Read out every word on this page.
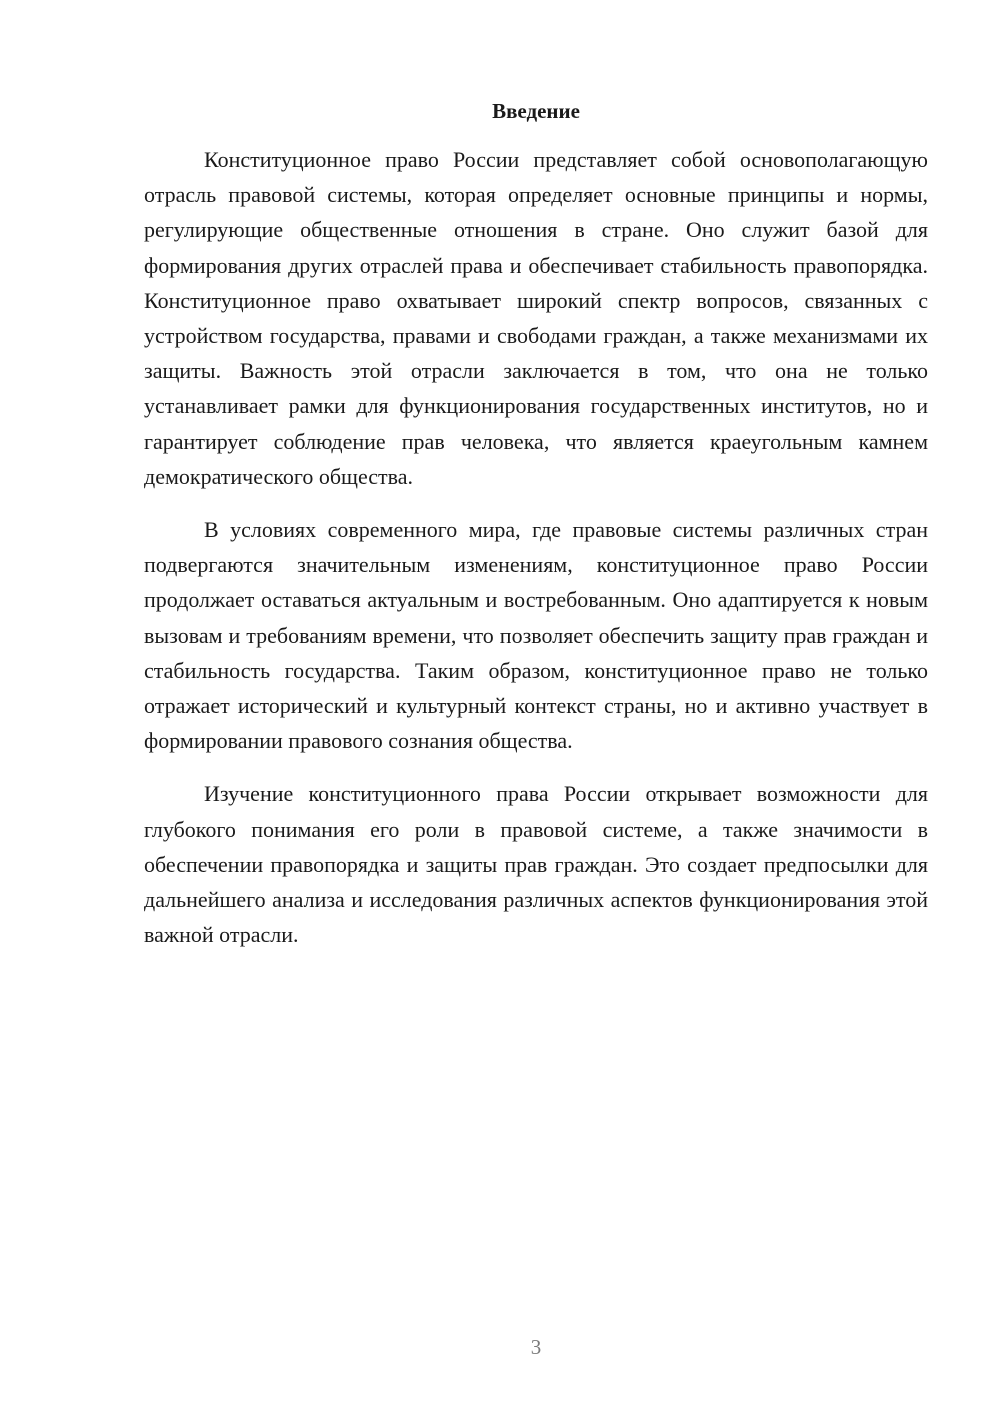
Введение

Конституционное право России представляет собой основополагающую отрасль правовой системы, которая определяет основные принципы и нормы, регулирующие общественные отношения в стране. Оно служит базой для формирования других отраслей права и обеспечивает стабильность правопорядка. Конституционное право охватывает широкий спектр вопросов, связанных с устройством государства, правами и свободами граждан, а также механизмами их защиты. Важность этой отрасли заключается в том, что она не только устанавливает рамки для функционирования государственных институтов, но и гарантирует соблюдение прав человека, что является краеугольным камнем демократического общества.

В условиях современного мира, где правовые системы различных стран подвергаются значительным изменениям, конституционное право России продолжает оставаться актуальным и востребованным. Оно адаптируется к новым вызовам и требованиям времени, что позволяет обеспечить защиту прав граждан и стабильность государства. Таким образом, конституционное право не только отражает исторический и культурный контекст страны, но и активно участвует в формировании правового сознания общества.

Изучение конституционного права России открывает возможности для глубокого понимания его роли в правовой системе, а также значимости в обеспечении правопорядка и защиты прав граждан. Это создает предпосылки для дальнейшего анализа и исследования различных аспектов функционирования этой важной отрасли.

3
